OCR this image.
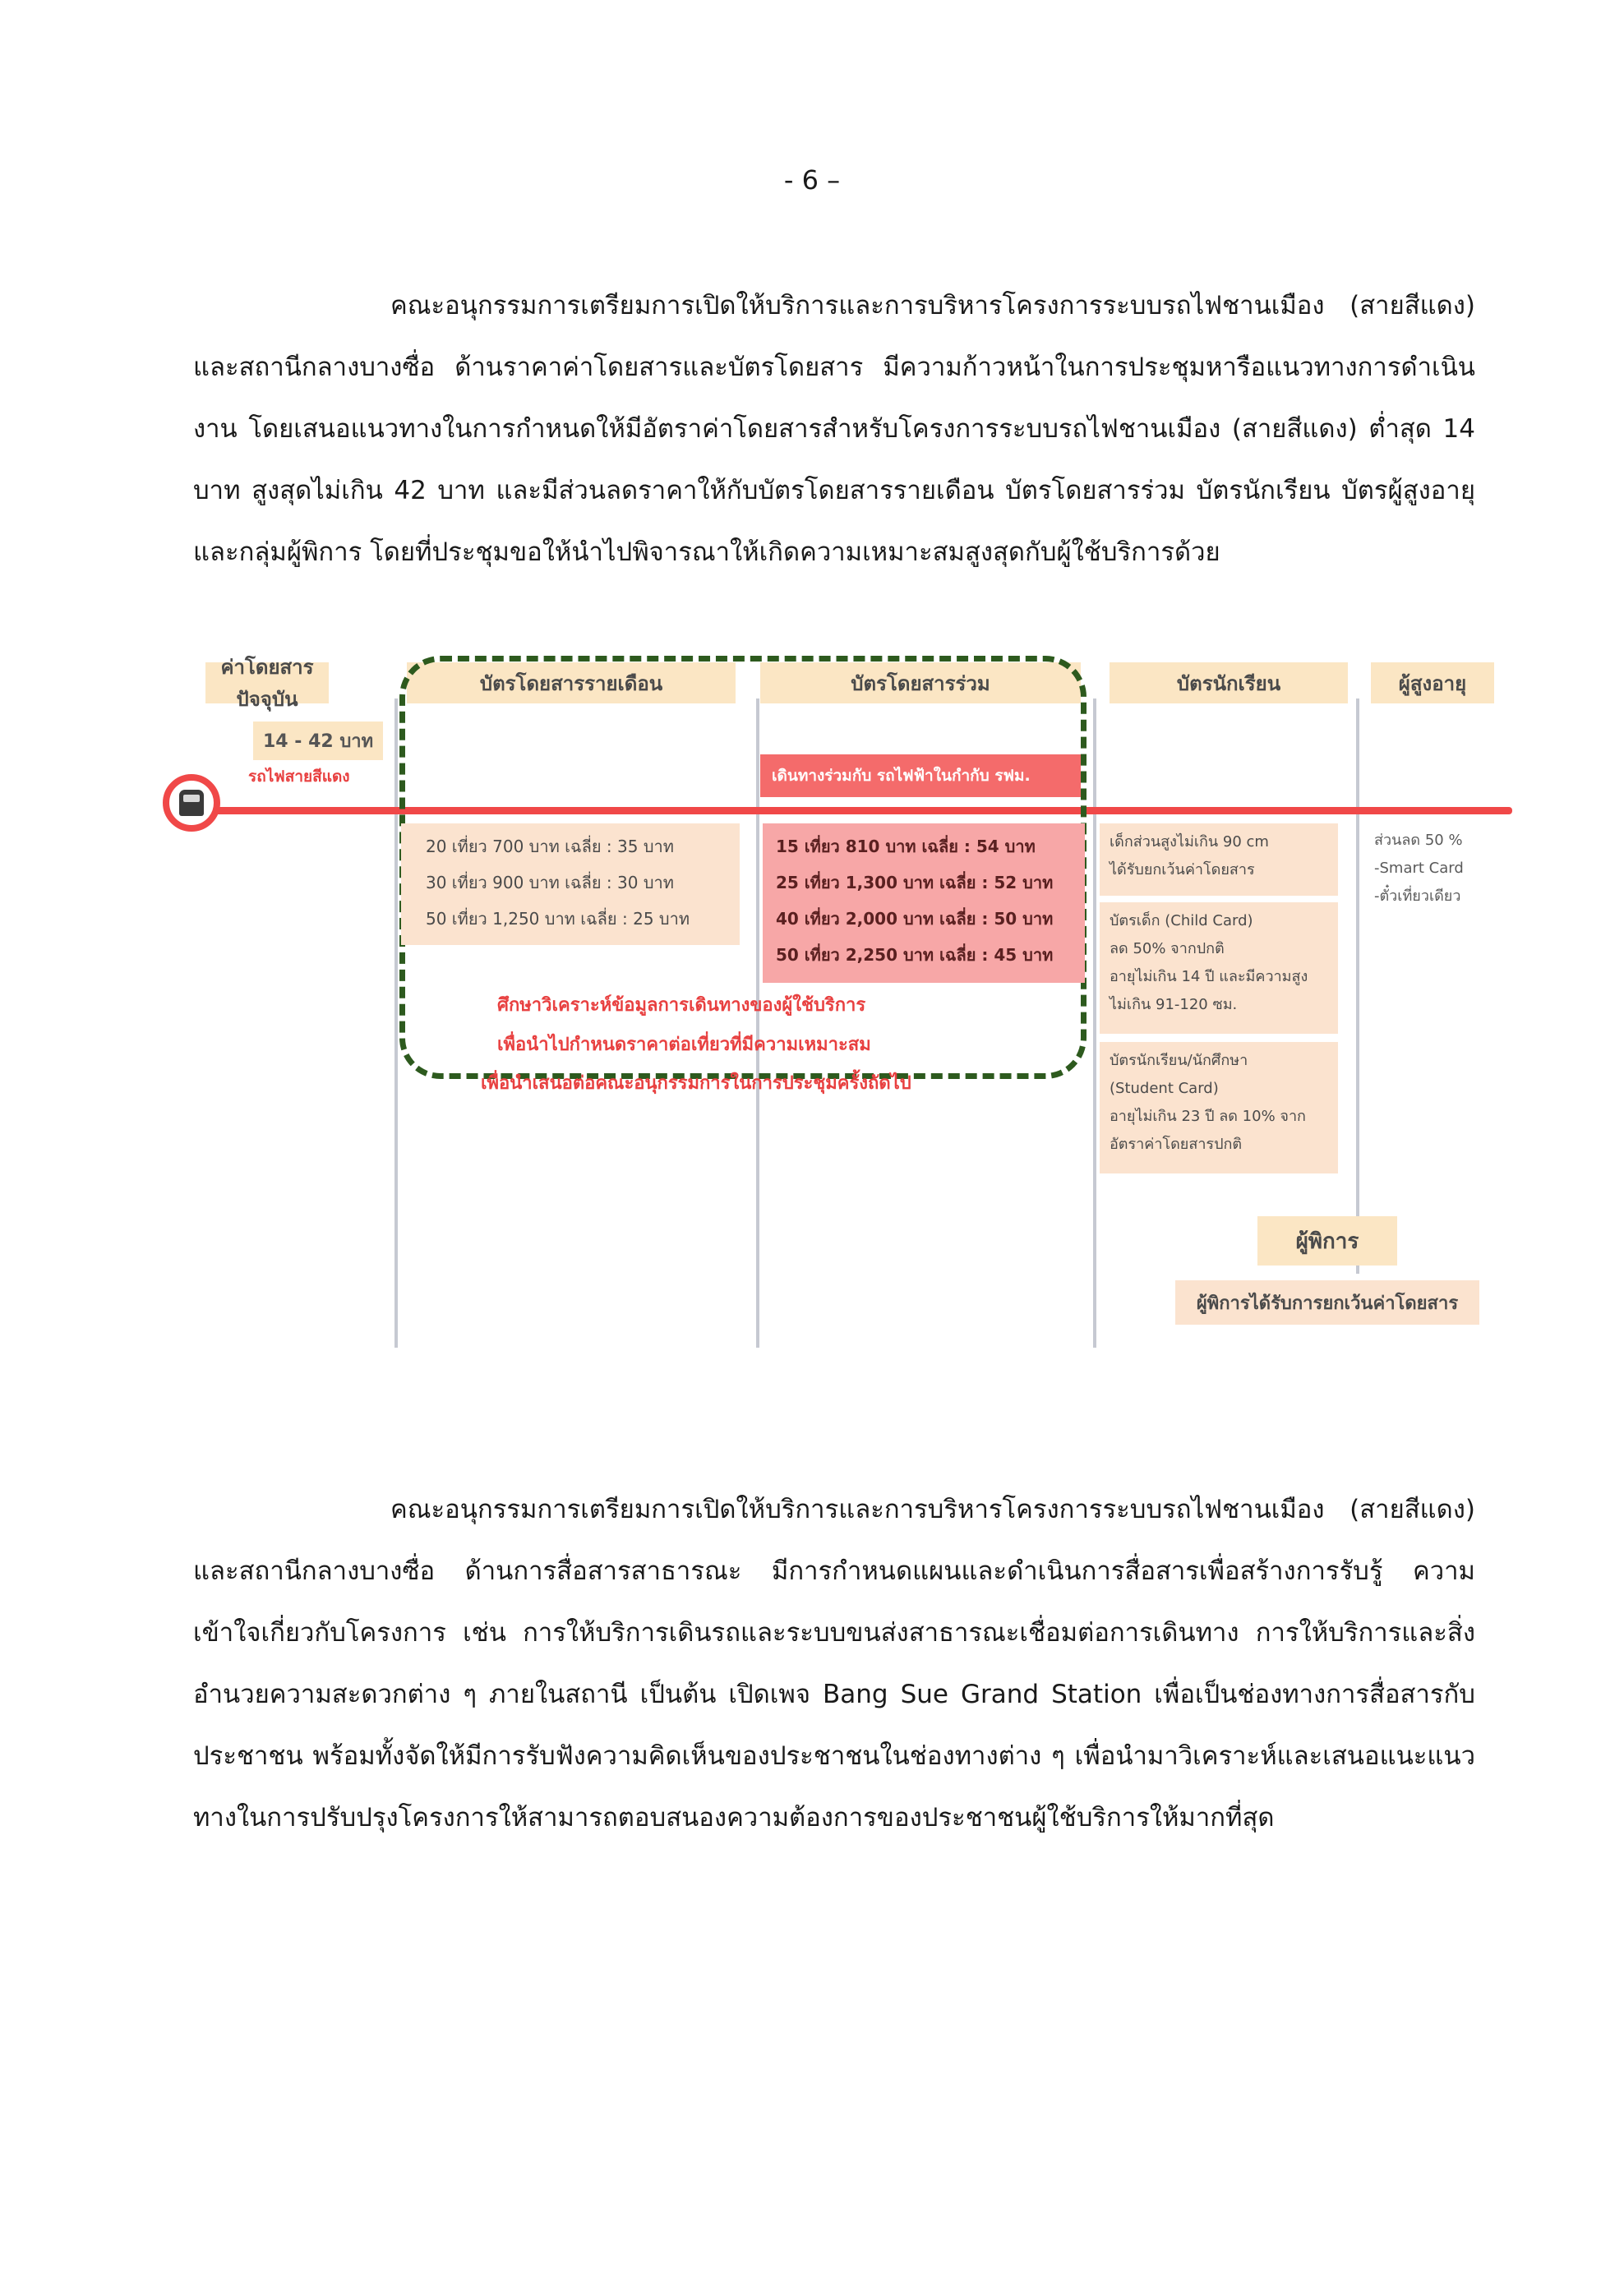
- 6 –

คณะอนุกรรมการเตรียมการเปิดให้บริการและการบริหารโครงการระบบรถไฟชานเมือง (สายสีแดง) และสถานีกลางบางซื่อ ด้านราคาค่าโดยสารและบัตรโดยสาร มีความก้าวหน้าในการประชุมหารือแนวทางการดำเนินงาน โดยเสนอแนวทางในการกำหนดให้มีอัตราค่าโดยสารสำหรับโครงการระบบรถไฟชานเมือง (สายสีแดง) ต่ำสุด 14 บาท สูงสุดไม่เกิน 42 บาท และมีส่วนลดราคาให้กับบัตรโดยสารรายเดือน บัตรโดยสารร่วม บัตรนักเรียน บัตรผู้สูงอายุ และกลุ่มผู้พิการ โดยที่ประชุมขอให้นำไปพิจารณาให้เกิดความเหมาะสมสูงสุดกับผู้ใช้บริการด้วย

ค่าโดยสารปัจจุบัน
บัตรโดยสารรายเดือน	บัตรโดยสารร่วม	บัตรนักเรียน	ผู้สูงอายุ
14 - 42 บาท
รถไฟสายสีแดง	เดินทางร่วมกับ รถไฟฟ้าในกำกับ รฟม.
20 เที่ยว 700 บาท เฉลี่ย : 35 บาท
30 เที่ยว 900 บาท เฉลี่ย : 30 บาท
50 เที่ยว 1,250 บาท เฉลี่ย : 25 บาท
15 เที่ยว 810 บาท เฉลี่ย : 54 บาท
25 เที่ยว 1,300 บาท เฉลี่ย : 52 บาท
40 เที่ยว 2,000 บาท เฉลี่ย : 50 บาท
50 เที่ยว 2,250 บาท เฉลี่ย : 45 บาท
เด็กส่วนสูงไม่เกิน 90 cm
ได้รับยกเว้นค่าโดยสาร
บัตรเด็ก (Child Card)
ลด 50% จากปกติ
อายุไม่เกิน 14 ปี และมีความสูง
ไม่เกิน 91-120 ซม.
บัตรนักเรียน/นักศึกษา
(Student Card)
อายุไม่เกิน 23 ปี ลด 10% จาก
อัตราค่าโดยสารปกติ
ส่วนลด 50 %
-Smart Card
-ตั๋วเที่ยวเดียว
ศึกษาวิเคราะห์ข้อมูลการเดินทางของผู้ใช้บริการ
เพื่อนำไปกำหนดราคาต่อเที่ยวที่มีความเหมาะสม
เพื่อนำเสนอต่อคณะอนุกรรมการในการประชุมครั้งถัดไป
ผู้พิการ
ผู้พิการได้รับการยกเว้นค่าโดยสาร

คณะอนุกรรมการเตรียมการเปิดให้บริการและการบริหารโครงการระบบรถไฟชานเมือง (สายสีแดง) และสถานีกลางบางซื่อ ด้านการสื่อสารสาธารณะ มีการกำหนดแผนและดำเนินการสื่อสารเพื่อสร้างการรับรู้ ความเข้าใจเกี่ยวกับโครงการ เช่น การให้บริการเดินรถและระบบขนส่งสาธารณะเชื่อมต่อการเดินทาง การให้บริการและสิ่งอำนวยความสะดวกต่าง ๆ ภายในสถานี เป็นต้น เปิดเพจ Bang Sue Grand Station เพื่อเป็นช่องทางการสื่อสารกับประชาชน พร้อมทั้งจัดให้มีการรับฟังความคิดเห็นของประชาชนในช่องทางต่าง ๆ เพื่อนำมาวิเคราะห์และเสนอแนะแนวทางในการปรับปรุงโครงการให้สามารถตอบสนองความต้องการของประชาชนผู้ใช้บริการให้มากที่สุด
